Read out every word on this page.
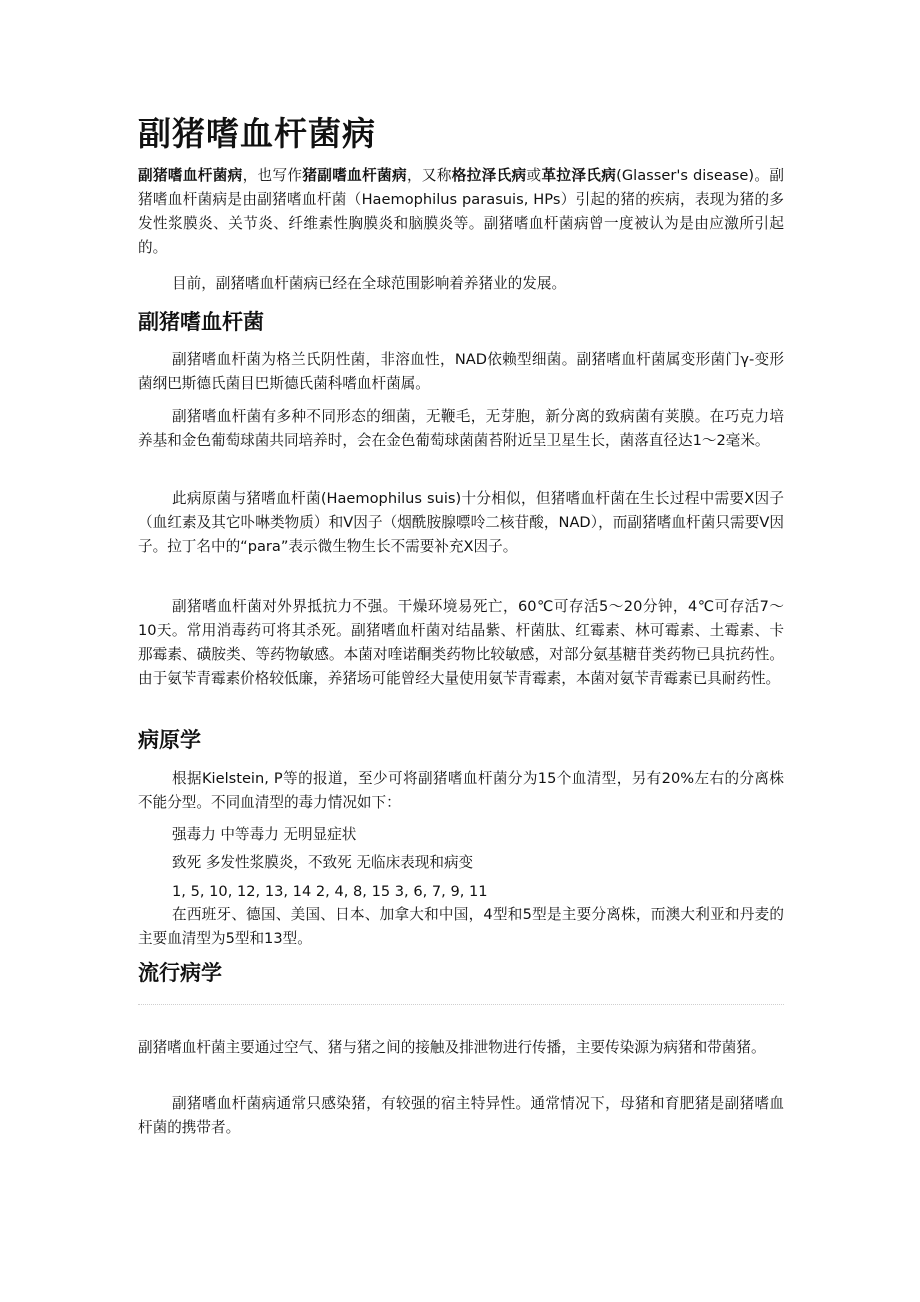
副猪嗜血杆菌病

副猪嗜血杆菌病，也写作猪副嗜血杆菌病，又称格拉泽氏病或革拉泽氏病(Glasser's disease)。副猪嗜血杆菌病是由副猪嗜血杆菌（Haemophilus parasuis, HPs）引起的猪的疾病，表现为猪的多发性浆膜炎、关节炎、纤维素性胸膜炎和脑膜炎等。副猪嗜血杆菌病曾一度被认为是由应激所引起的。

目前，副猪嗜血杆菌病已经在全球范围影响着养猪业的发展。

副猪嗜血杆菌

副猪嗜血杆菌为格兰氏阴性菌，非溶血性，NAD依赖型细菌。副猪嗜血杆菌属变形菌门γ-变形菌纲巴斯德氏菌目巴斯德氏菌科嗜血杆菌属。

副猪嗜血杆菌有多种不同形态的细菌，无鞭毛，无芽胞，新分离的致病菌有荚膜。在巧克力培养基和金色葡萄球菌共同培养时，会在金色葡萄球菌菌苔附近呈卫星生长，菌落直径达1～2毫米。

此病原菌与猪嗜血杆菌(Haemophilus suis)十分相似，但猪嗜血杆菌在生长过程中需要X因子（血红素及其它卟啉类物质）和V因子（烟酰胺腺嘌呤二核苷酸，NAD），而副猪嗜血杆菌只需要V因子。拉丁名中的“para”表示微生物生长不需要补充X因子。

副猪嗜血杆菌对外界抵抗力不强。干燥环境易死亡，60℃可存活5～20分钟，4℃可存活7～10天。常用消毒药可将其杀死。副猪嗜血杆菌对结晶紫、杆菌肽、红霉素、林可霉素、土霉素、卡那霉素、磺胺类、等药物敏感。本菌对喹诺酮类药物比较敏感，对部分氨基糖苷类药物已具抗药性。由于氨苄青霉素价格较低廉，养猪场可能曾经大量使用氨苄青霉素，本菌对氨苄青霉素已具耐药性。

病原学

根据Kielstein, P等的报道，至少可将副猪嗜血杆菌分为15个血清型，另有20%左右的分离株不能分型。不同血清型的毒力情况如下：

强毒力 中等毒力 无明显症状
致死 多发性浆膜炎，不致死 无临床表现和病变
1, 5, 10, 12, 13, 14 2, 4, 8, 15 3, 6, 7, 9, 11

在西班牙、德国、美国、日本、加拿大和中国，4型和5型是主要分离株，而澳大利亚和丹麦的主要血清型为5型和13型。

流行病学

副猪嗜血杆菌主要通过空气、猪与猪之间的接触及排泄物进行传播，主要传染源为病猪和带菌猪。

副猪嗜血杆菌病通常只感染猪，有较强的宿主特异性。通常情况下，母猪和育肥猪是副猪嗜血杆菌的携带者。
